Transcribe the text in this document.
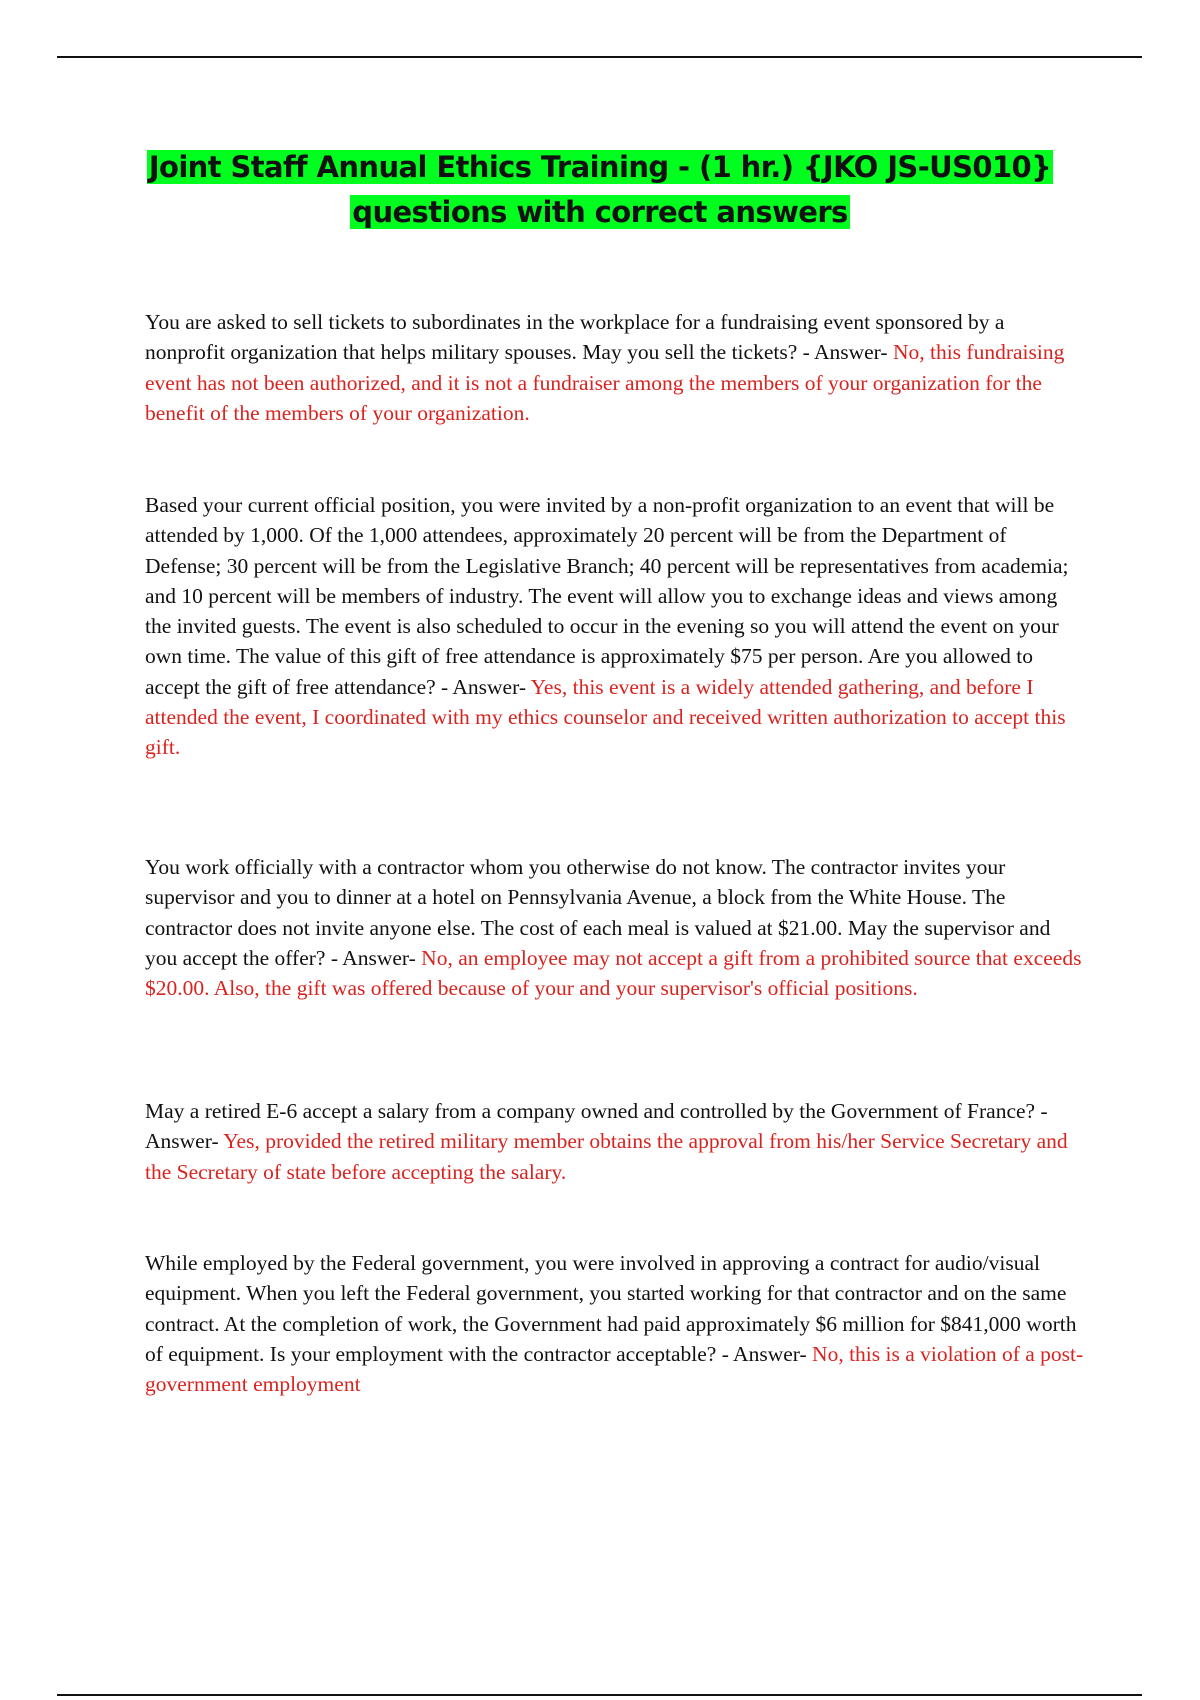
Joint Staff Annual Ethics Training - (1 hr.) {JKO JS-US010}
questions with correct answers

You are asked to sell tickets to subordinates in the workplace for a fundraising event sponsored by a nonprofit organization that helps military spouses. May you sell the tickets? - Answer- No, this fundraising event has not been authorized, and it is not a fundraiser among the members of your organization for the benefit of the members of your organization.

Based your current official position, you were invited by a non-profit organization to an event that will be attended by 1,000. Of the 1,000 attendees, approximately 20 percent will be from the Department of Defense; 30 percent will be from the Legislative Branch; 40 percent will be representatives from academia; and 10 percent will be members of industry. The event will allow you to exchange ideas and views among the invited guests. The event is also scheduled to occur in the evening so you will attend the event on your own time. The value of this gift of free attendance is approximately $75 per person. Are you allowed to accept the gift of free attendance? - Answer- Yes, this event is a widely attended gathering, and before I attended the event, I coordinated with my ethics counselor and received written authorization to accept this gift.

You work officially with a contractor whom you otherwise do not know. The contractor invites your supervisor and you to dinner at a hotel on Pennsylvania Avenue, a block from the White House. The contractor does not invite anyone else. The cost of each meal is valued at $21.00. May the supervisor and you accept the offer? - Answer- No, an employee may not accept a gift from a prohibited source that exceeds $20.00. Also, the gift was offered because of your and your supervisor's official positions.

May a retired E-6 accept a salary from a company owned and controlled by the Government of France? - Answer- Yes, provided the retired military member obtains the approval from his/her Service Secretary and the Secretary of state before accepting the salary.

While employed by the Federal government, you were involved in approving a contract for audio/visual equipment. When you left the Federal government, you started working for that contractor and on the same contract. At the completion of work, the Government had paid approximately $6 million for $841,000 worth of equipment. Is your employment with the contractor acceptable? - Answer- No, this is a violation of a post-government employment
